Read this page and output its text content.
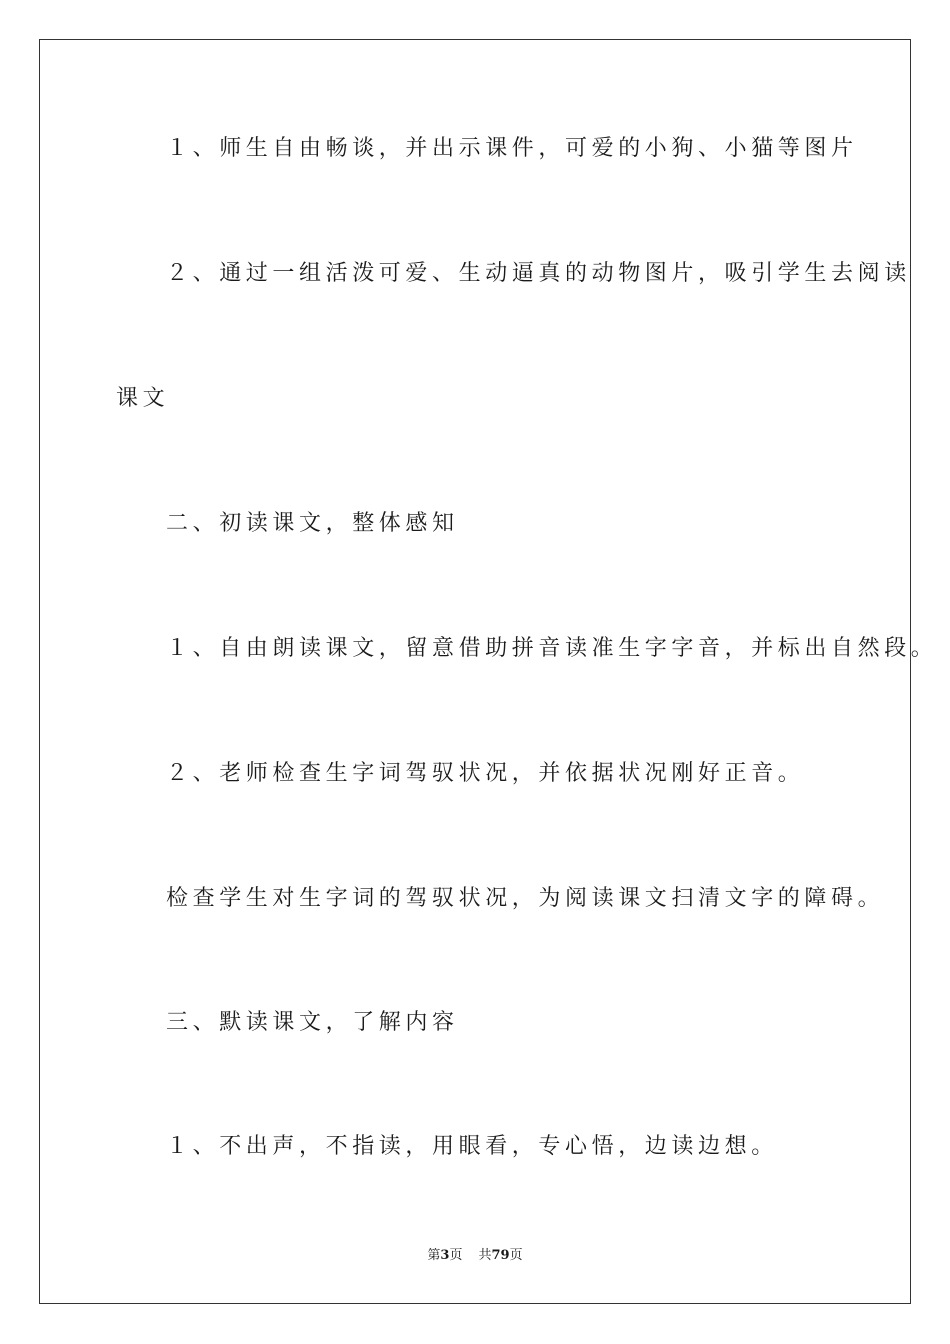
１、师生自由畅谈，并出示课件，可爱的小狗、小猫等图片
２、通过一组活泼可爱、生动逼真的动物图片，吸引学生去阅读
课文
二、初读课文，整体感知
１、自由朗读课文，留意借助拼音读准生字字音，并标出自然段。
２、老师检查生字词驾驭状况，并依据状况刚好正音。
检查学生对生字词的驾驭状况，为阅读课文扫清文字的障碍。
三、默读课文，了解内容
１、不出声，不指读，用眼看，专心悟，边读边想。
第3页 共79页
